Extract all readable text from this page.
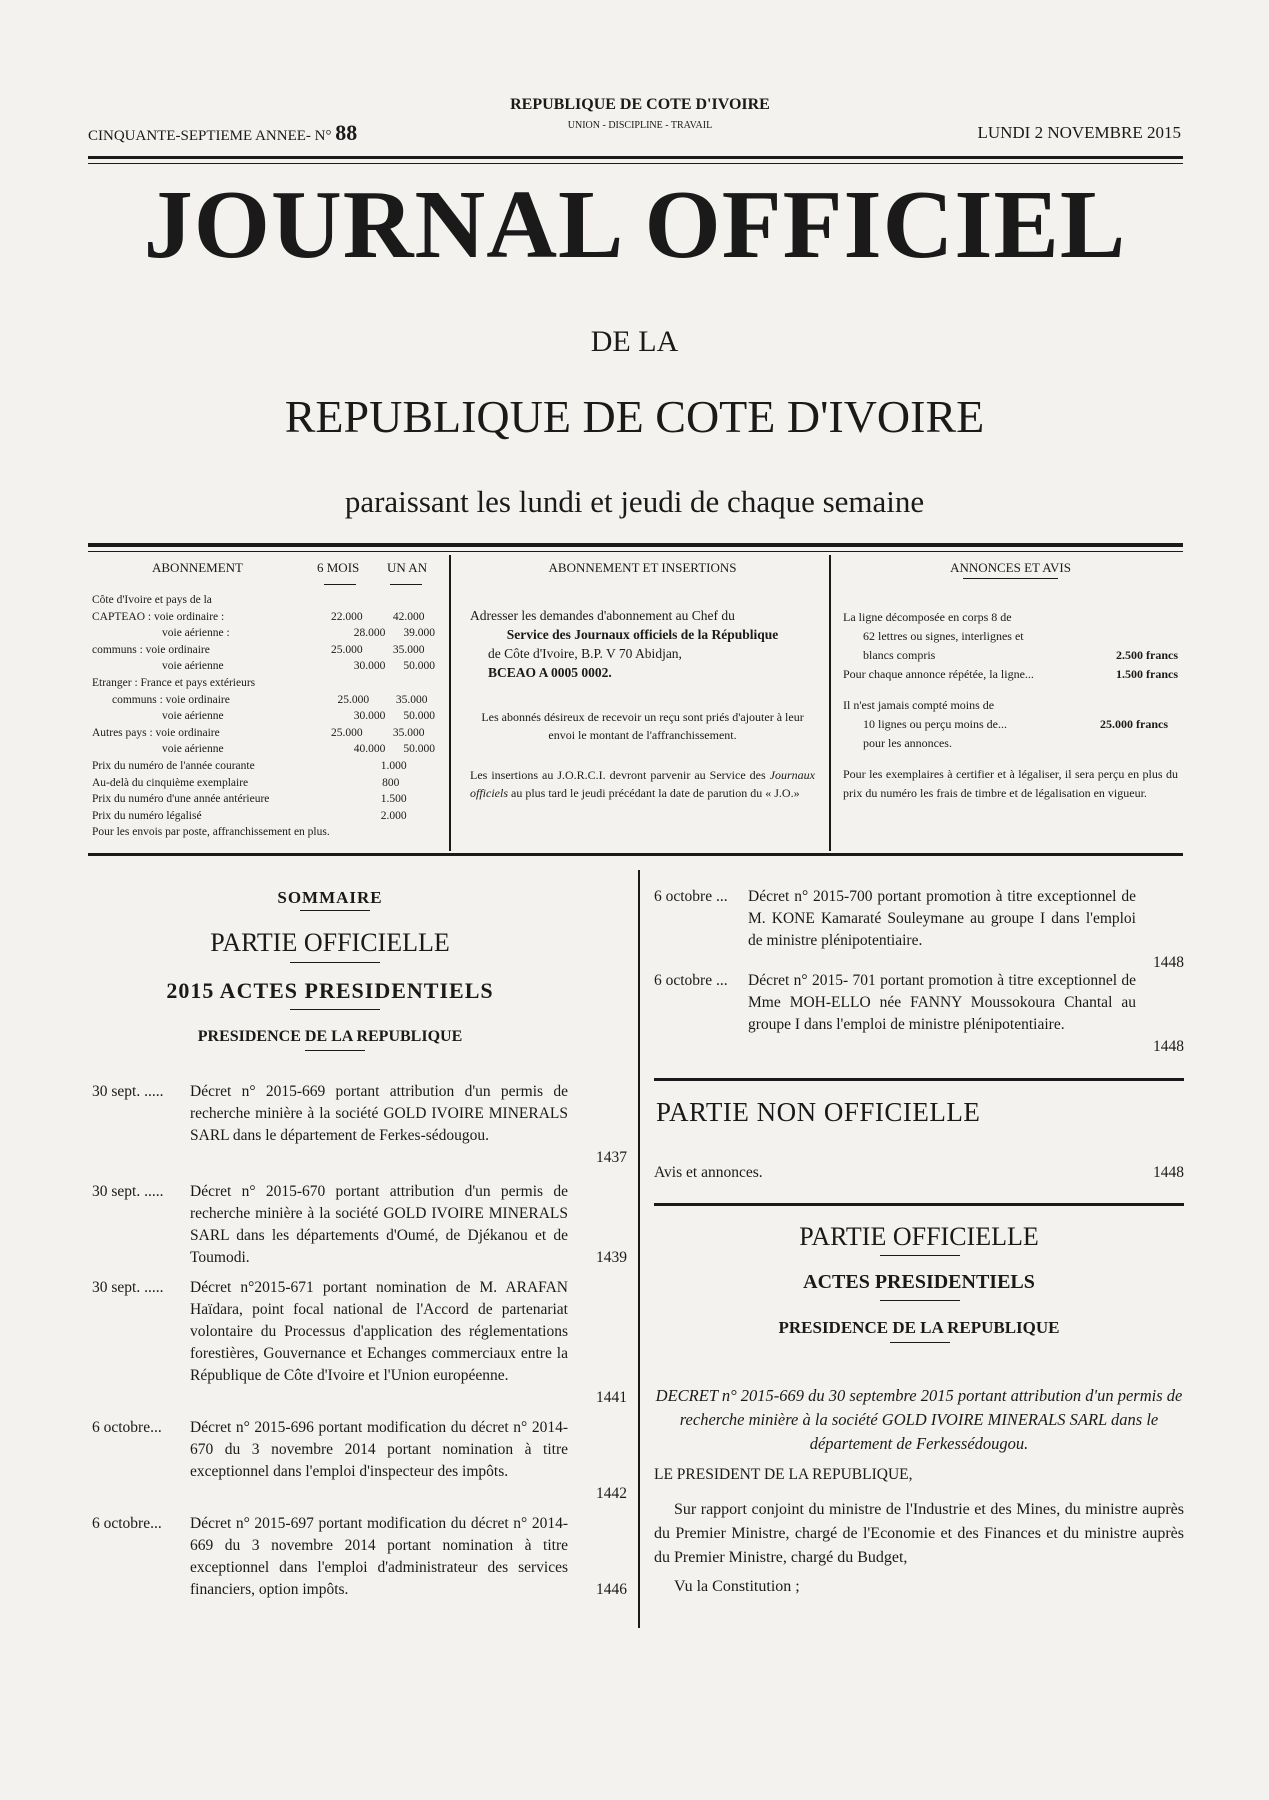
CINQUANTE-SEPTIEME ANNEE- N° 88
REPUBLIQUE DE COTE D'IVOIRE
UNION - DISCIPLINE - TRAVAIL	LUNDI 2 NOVEMBRE 2015
JOURNAL OFFICIEL
DE LA
REPUBLIQUE DE COTE D'IVOIRE
paraissant les lundi et jeudi de chaque semaine
ABONNEMENT	6 MOIS UN AN
Côte d'Ivoire et pays de la
CAPTEAO : voie ordinaire :	22.000	42.000
voie aérienne :	28.000	39.000
communs : voie ordinaire	25.000	35.000
voie aérienne	30.000	50.000
Etranger : France et pays extérieurs
communs : voie ordinaire	25.000	35.000
voie aérienne	30.000	50.000
Autres pays : voie ordinaire	25.000	35.000
voie aérienne	40.000	50.000
Prix du numéro de l'année courante	1.000
Au-delà du cinquième exemplaire	800
Prix du numéro d'une année antérieure	1.500
Prix du numéro légalisé	2.000
Pour les envois par poste, affranchissement en plus.
ABONNEMENT ET INSERTIONS
Adresser les demandes d'abonnement au Chef du
Service des Journaux officiels de la République
de Côte d'Ivoire, B.P. V 70 Abidjan,
BCEAO A 0005 0002.
Les abonnés désireux de recevoir un reçu sont priés d'ajouter à leur envoi le montant de l'affranchissement.
Les insertions au J.O.R.C.I. devront parvenir au Service des Journaux officiels au plus tard le jeudi précédant la date de parution du « J.O.»
ANNONCES ET AVIS
La ligne décomposée en corps 8 de
62 lettres ou signes, interlignes et
blancs compris	2.500 francs
Pour chaque annonce répétée, la ligne...	1.500 francs
Il n'est jamais compté moins de
10 lignes ou perçu moins de...	25.000 francs
pour les annonces.
Pour les exemplaires à certifier et à légaliser, il sera perçu en plus du prix du numéro les frais de timbre et de légalisation en vigueur.
SOMMAIRE
PARTIE OFFICIELLE
2015 ACTES PRESIDENTIELS
PRESIDENCE DE LA REPUBLIQUE
30 sept. .....	Décret n° 2015-669 portant attribution d'un permis de recherche minière à la société GOLD IVOIRE MINERALS SARL dans le département de Ferkes-sédougou.
1437
30 sept. .....	Décret n° 2015-670 portant attribution d'un permis de recherche minière à la société GOLD IVOIRE MINERALS SARL dans les départements d'Oumé, de Djékanou et de Toumodi.	1439
30 sept. .....	Décret n°2015-671 portant nomination de M. ARAFAN Haïdara, point focal national de l'Accord de partenariat volontaire du Processus d'application des réglementations forestières, Gouvernance et Echanges commerciaux entre la République de Côte d'Ivoire et l'Union européenne.
1441
6 octobre...	Décret n° 2015-696 portant modification du décret n° 2014-670 du 3 novembre 2014 portant nomination à titre exceptionnel dans l'emploi d'inspecteur des impôts.
1442
6 octobre...	Décret n° 2015-697 portant modification du décret n° 2014-669 du 3 novembre 2014 portant nomination à titre exceptionnel dans l'emploi d'administrateur des services financiers, option impôts.	1446
6 octobre ...	Décret n° 2015-700 portant promotion à titre exceptionnel de M. KONE Kamaraté Souleymane au groupe I dans l'emploi de ministre plénipotentiaire.
1448
6 octobre ...	Décret n° 2015- 701 portant promotion à titre exceptionnel de Mme MOH-ELLO née FANNY Moussokoura Chantal au groupe I dans l'emploi de ministre plénipotentiaire.
1448
PARTIE NON OFFICIELLE
Avis et annonces.	1448
PARTIE OFFICIELLE
ACTES PRESIDENTIELS
PRESIDENCE DE LA REPUBLIQUE
DECRET n° 2015-669 du 30 septembre 2015 portant attribution d'un permis de recherche minière à la société GOLD IVOIRE MINERALS SARL dans le département de Ferkessédougou.
LE PRESIDENT DE LA REPUBLIQUE,
Sur rapport conjoint du ministre de l'Industrie et des Mines, du ministre auprès du Premier Ministre, chargé de l'Economie et des Finances et du ministre auprès du Premier Ministre, chargé du Budget,
Vu la Constitution ;
